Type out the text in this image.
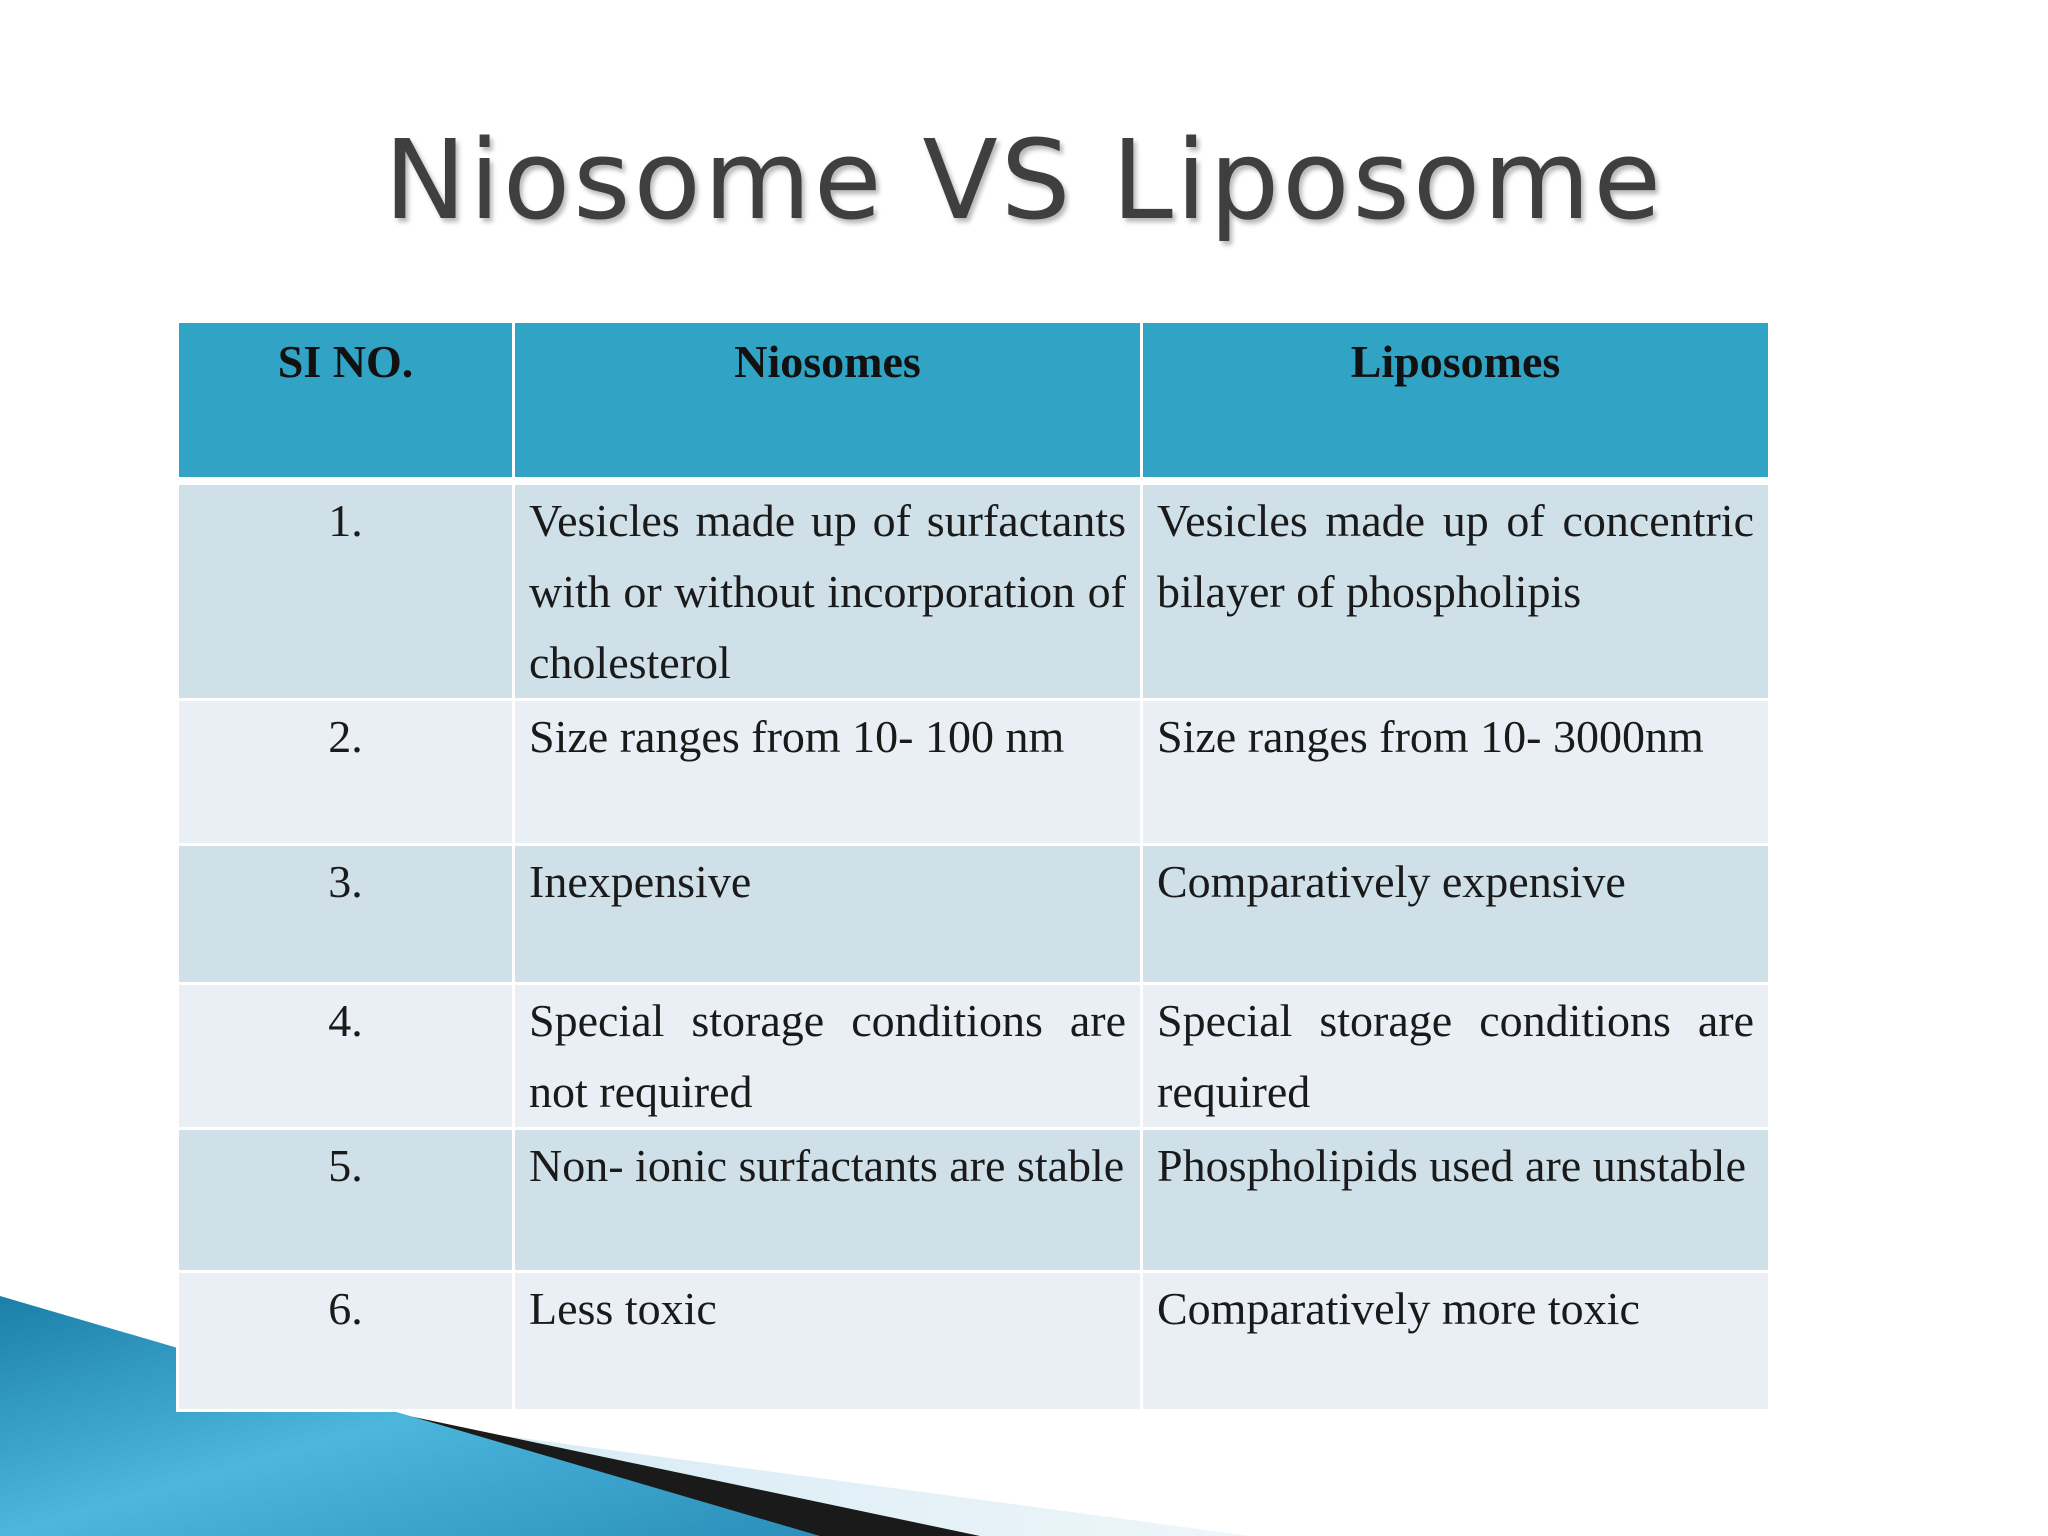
Niosome VS Liposome
SI NO.	Niosomes	Liposomes
1.	Vesicles made up of surfactants with or without incorporation of cholesterol	Vesicles made up of concentric bilayer of phospholipis
2.	Size ranges from 10- 100 nm	Size ranges from 10- 3000nm
3.	Inexpensive	Comparatively expensive
4.	Special storage conditions are not required	Special storage conditions are required
5.	Non- ionic surfactants are stable	Phospholipids used are unstable
6.	Less toxic	Comparatively more toxic
